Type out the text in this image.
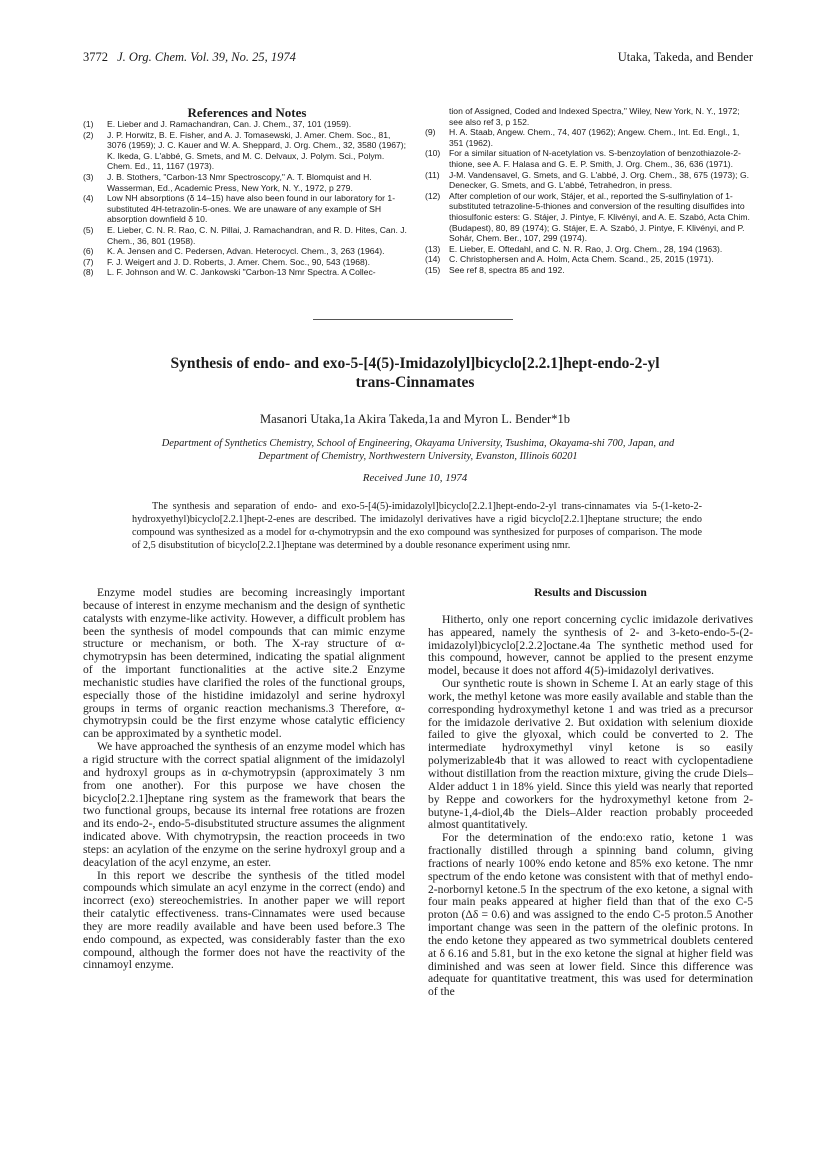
3772 J. Org. Chem. Vol. 39, No. 25, 1974	Utaka, Takeda, and Bender
References and Notes
(1) E. Lieber and J. Ramachandran, Can. J. Chem., 37, 101 (1959).
(2) J. P. Horwitz, B. E. Fisher, and A. J. Tomasewski, J. Amer. Chem. Soc., 81, 3076 (1959); J. C. Kauer and W. A. Sheppard, J. Org. Chem., 32, 3580 (1967); K. Ikeda, G. L'abbé, G. Smets, and M. C. Delvaux, J. Polym. Sci., Polym. Chem. Ed., 11, 1167 (1973).
(3) J. B. Stothers, "Carbon-13 Nmr Spectroscopy," A. T. Blomquist and H. Wasserman, Ed., Academic Press, New York, N. Y., 1972, p 279.
(4) Low NH absorptions (δ 14–15) have also been found in our laboratory for 1-substituted 4H-tetrazolin-5-ones. We are unaware of any example of SH absorption downfield δ 10.
(5) E. Lieber, C. N. R. Rao, C. N. Pillai, J. Ramachandran, and R. D. Hites, Can. J. Chem., 36, 801 (1958).
(6) K. A. Jensen and C. Pedersen, Advan. Heterocycl. Chem., 3, 263 (1964).
(7) F. J. Weigert and J. D. Roberts, J. Amer. Chem. Soc., 90, 543 (1968).
(8) L. F. Johnson and W. C. Jankowski "Carbon-13 Nmr Spectra. A Collec-
tion of Assigned, Coded and Indexed Spectra," Wiley, New York, N. Y., 1972; see also ref 3, p 152.
(9) H. A. Staab, Angew. Chem., 74, 407 (1962); Angew. Chem., Int. Ed. Engl., 1, 351 (1962).
(10) For a similar situation of N-acetylation vs. S-benzoylation of benzothiazole-2-thione, see A. F. Halasa and G. E. P. Smith, J. Org. Chem., 36, 636 (1971).
(11) J-M. Vandensavel, G. Smets, and G. L'abbé, J. Org. Chem., 38, 675 (1973); G. Denecker, G. Smets, and G. L'abbé, Tetrahedron, in press.
(12) After completion of our work, Stájer, et al., reported the S-sulfinylation of 1-substituted tetrazoline-5-thiones and conversion of the resulting disulfides into thiosulfonic esters: G. Stájer, J. Pintye, F. Klivényi, and A. E. Szabó, Acta Chim. (Budapest), 80, 89 (1974); G. Stájer, E. A. Szabó, J. Pintye, F. Klivényi, and P. Sohár, Chem. Ber., 107, 299 (1974).
(13) E. Lieber, E. Oftedahl, and C. N. R. Rao, J. Org. Chem., 28, 194 (1963).
(14) C. Christophersen and A. Holm, Acta Chem. Scand., 25, 2015 (1971).
(15) See ref 8, spectra 85 and 192.
Synthesis of endo- and exo-5-[4(5)-Imidazolyl]bicyclo[2.2.1]hept-endo-2-yl
trans-Cinnamates
Masanori Utaka,1a Akira Takeda,1a and Myron L. Bender*1b
Department of Synthetics Chemistry, School of Engineering, Okayama University, Tsushima, Okayama-shi 700, Japan, and
Department of Chemistry, Northwestern University, Evanston, Illinois 60201
Received June 10, 1974
The synthesis and separation of endo- and exo-5-[4(5)-imidazolyl]bicyclo[2.2.1]hept-endo-2-yl trans-cinnamates via 5-(1-keto-2-hydroxyethyl)bicyclo[2.2.1]hept-2-enes are described. The imidazolyl derivatives have a rigid bicyclo[2.2.1]heptane structure; the endo compound was synthesized as a model for α-chymotrypsin and the exo compound was synthesized for purposes of comparison. The mode of 2,5 disubstitution of bicyclo[2.2.1]heptane was determined by a double resonance experiment using nmr.

Enzyme model studies are becoming increasingly important because of interest in enzyme mechanism and the design of synthetic catalysts with enzyme-like activity. However, a difficult problem has been the synthesis of model compounds that can mimic enzyme structure or mechanism, or both. The X-ray structure of α-chymotrypsin has been determined, indicating the spatial alignment of the important functionalities at the active site.2 Enzyme mechanistic studies have clarified the roles of the functional groups, especially those of the histidine imidazolyl and serine hydroxyl groups in terms of organic reaction mechanisms.3 Therefore, α-chymotrypsin could be the first enzyme whose catalytic efficiency can be approximated by a synthetic model.

We have approached the synthesis of an enzyme model which has a rigid structure with the correct spatial alignment of the imidazolyl and hydroxyl groups as in α-chymotrypsin (approximately 3 nm from one another). For this purpose we have chosen the bicyclo[2.2.1]heptane ring system as the framework that bears the two functional groups, because its internal free rotations are frozen and its endo-2-, endo-5-disubstituted structure assumes the alignment indicated above. With chymotrypsin, the reaction proceeds in two steps: an acylation of the enzyme on the serine hydroxyl group and a deacylation of the acyl enzyme, an ester.

In this report we describe the synthesis of the titled model compounds which simulate an acyl enzyme in the correct (endo) and incorrect (exo) stereochemistries. In another paper we will report their catalytic effectiveness. trans-Cinnamates were used because they are more readily available and have been used before.3 The endo compound, as expected, was considerably faster than the exo compound, although the former does not have the reactivity of the cinnamoyl enzyme.

Results and Discussion

Hitherto, only one report concerning cyclic imidazole derivatives has appeared, namely the synthesis of 2- and 3-keto-endo-5-(2-imidazolyl)bicyclo[2.2.2]octane.4a The synthetic method used for this compound, however, cannot be applied to the present enzyme model, because it does not afford 4(5)-imidazolyl derivatives.

Our synthetic route is shown in Scheme I. At an early stage of this work, the methyl ketone was more easily available and stable than the corresponding hydroxymethyl ketone 1 and was tried as a precursor for the imidazole derivative 2. But oxidation with selenium dioxide failed to give the glyoxal, which could be converted to 2. The intermediate hydroxymethyl vinyl ketone is so easily polymerizable4b that it was allowed to react with cyclopentadiene without distillation from the reaction mixture, giving the crude Diels–Alder adduct 1 in 18% yield. Since this yield was nearly that reported by Reppe and coworkers for the hydroxymethyl ketone from 2-butyne-1,4-diol,4b the Diels–Alder reaction probably proceeded almost quantitatively.

For the determination of the endo:exo ratio, ketone 1 was fractionally distilled through a spinning band column, giving fractions of nearly 100% endo ketone and 85% exo ketone. The nmr spectrum of the endo ketone was consistent with that of methyl endo-2-norbornyl ketone.5 In the spectrum of the exo ketone, a signal with four main peaks appeared at higher field than that of the exo C-5 proton (Δδ = 0.6) and was assigned to the endo C-5 proton.5 Another important change was seen in the pattern of the olefinic protons. In the endo ketone they appeared as two symmetrical doublets centered at δ 6.16 and 5.81, but in the exo ketone the signal at higher field was diminished and was seen at lower field. Since this difference was adequate for quantitative treatment, this was used for determination of the
